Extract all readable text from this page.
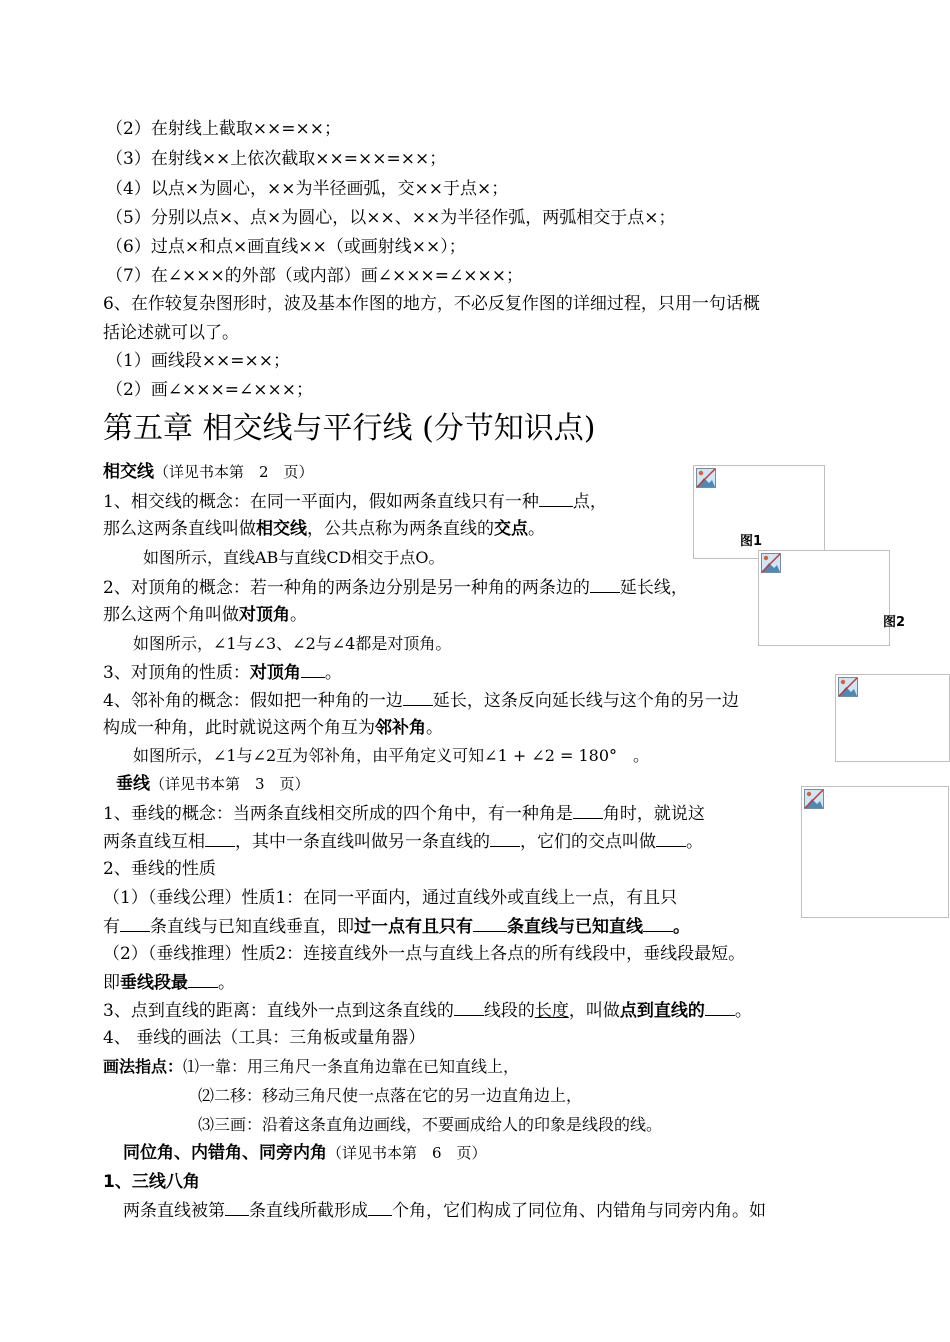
（2）在射线上截取××=××；
（3）在射线××上依次截取××=××=××；
（4）以点×为圆心，××为半径画弧，交××于点×；
（5）分别以点×、点×为圆心，以××、××为半径作弧，两弧相交于点×；
（6）过点×和点×画直线××（或画射线××）；
（7）在∠×××的外部（或内部）画∠×××=∠×××；
6、在作较复杂图形时，波及基本作图的地方，不必反复作图的详细过程，只用一句话概
括论述就可以了。
（1）画线段××=××；
（2）画∠×××=∠×××；
第五章 相交线与平行线 (分节知识点)
相交线（详见书本第　2　页）
1、相交线的概念：在同一平面内，假如两条直线只有一种 点，
那么这两条直线叫做相交线，公共点称为两条直线的交点。
如图所示，直线AB与直线CD相交于点O。
2、对顶角的概念：若一种角的两条边分别是另一种角的两条边的 延长线，
那么这两个角叫做对顶角。
如图所示，∠1与∠3、∠2与∠4都是对顶角。
3、对顶角的性质：对顶角 。
4、邻补角的概念：假如把一种角的一边 延长，这条反向延长线与这个角的另一边
构成一种角，此时就说这两个角互为邻补角。
如图所示，∠1与∠2互为邻补角，由平角定义可知∠1 + ∠2 = 180°　。
垂线（详见书本第　3　页）
1、垂线的概念：当两条直线相交所成的四个角中，有一种角是 角时，就说这
两条直线互相 ，其中一条直线叫做另一条直线的 ，它们的交点叫做 。
2、垂线的性质
（1）（垂线公理）性质1：在同一平面内，通过直线外或直线上一点，有且只
有 条直线与已知直线垂直，即过一点有且只有 条直线与已知直线 。
（2）（垂线推理）性质2：连接直线外一点与直线上各点的所有线段中，垂线段最短。
即垂线段最 。
3、点到直线的距离：直线外一点到这条直线的 线段的长度，叫做点到直线的 。
4、 垂线的画法（工具：三角板或量角器）
画法指点：⑴一靠：用三角尺一条直角边靠在已知直线上，
⑵二移：移动三角尺使一点落在它的另一边直角边上，
⑶三画：沿着这条直角边画线，不要画成给人的印象是线段的线。
同位角、内错角、同旁内角（详见书本第　6　页）
1、三线八角
两条直线被第 条直线所截形成 个角，它们构成了同位角、内错角与同旁内角。如
图1
图2
